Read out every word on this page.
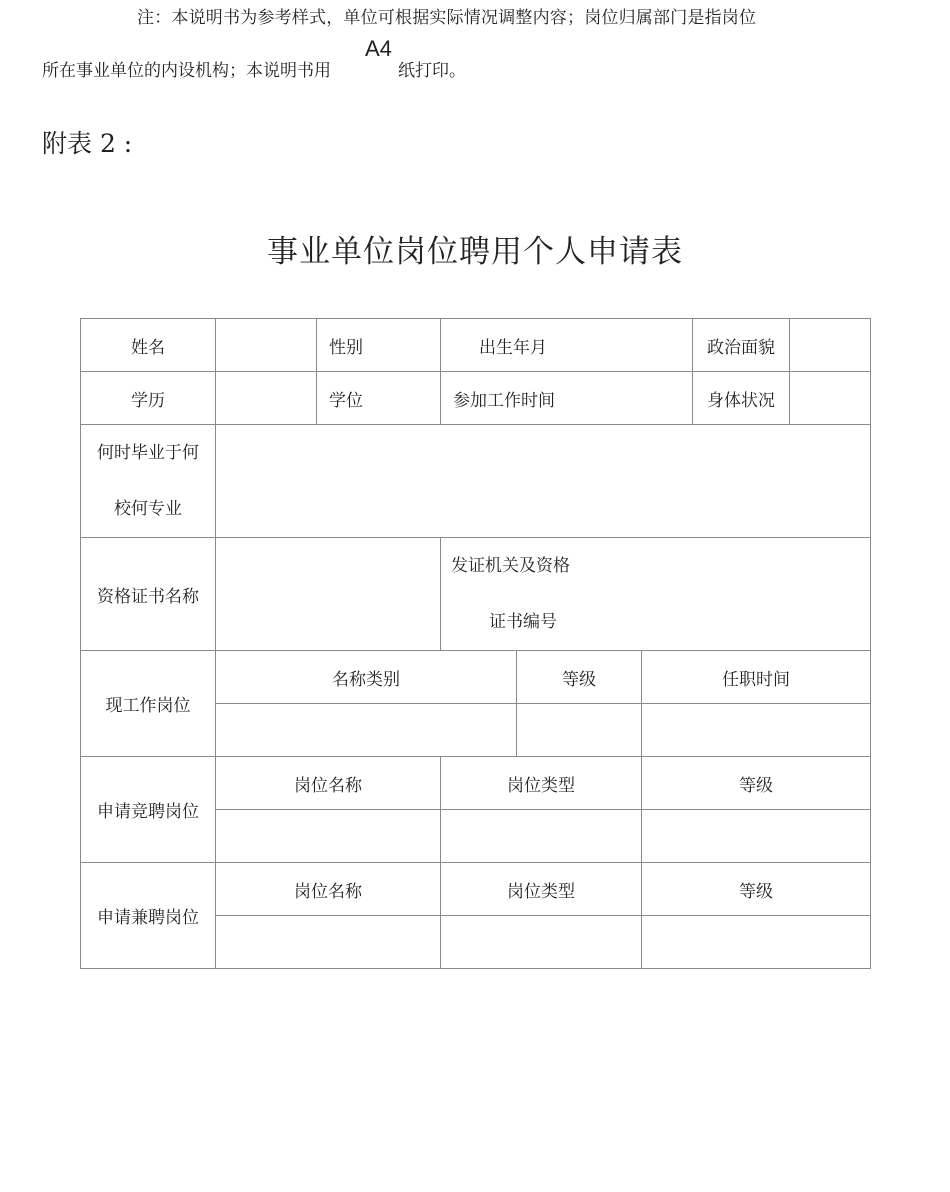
注：本说明书为参考样式，单位可根据实际情况调整内容；岗位归属部门是指岗位
所在事业单位的内设机构；本说明书用
A4
纸打印。
附表 2 :
事业单位岗位聘用个人申请表
姓名		性别	出生年月			政治面貌	
学历		学位	参加工作时间			身体状况	

何时毕业于何
校何专业							

资格证书名称			发证机关及资格
证书编号				

现工作岗位	名称类别			等级	任职时间		

申请竞聘岗位	岗位名称		岗位类型		等级		

申请兼聘岗位	岗位名称		岗位类型		等级		
